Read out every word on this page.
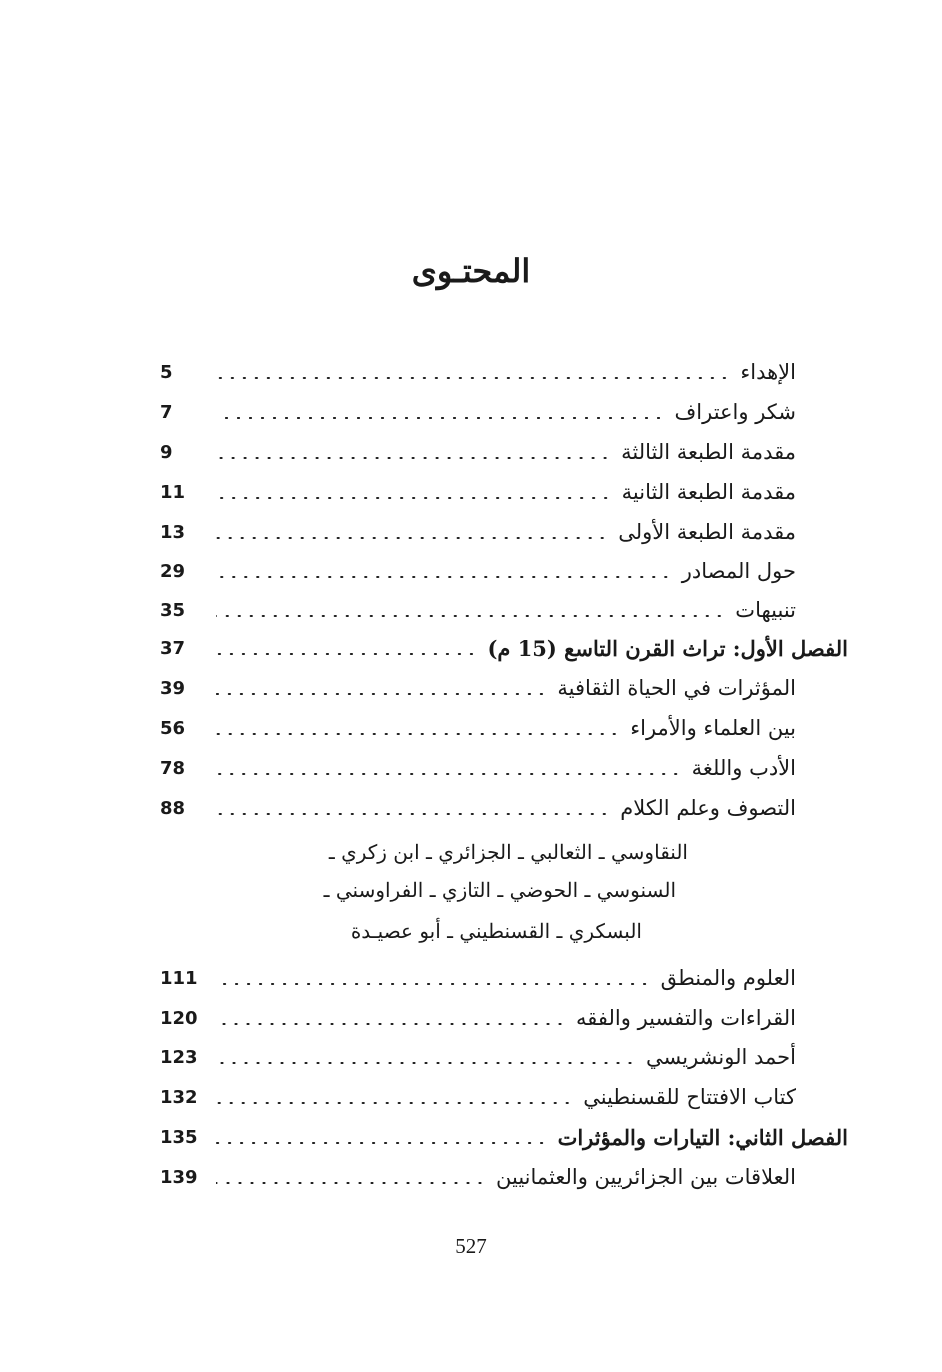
المحتـوى
الإهداء
5
شكر واعتراف
7
مقدمة الطبعة الثالثة
9
مقدمة الطبعة الثانية
11
مقدمة الطبعة الأولى
13
حول المصادر
29
تنبيهات
35
الفصل الأول: تراث القرن التاسع (15 م)
37
المؤثرات في الحياة الثقافية
39
بين العلماء والأمراء
56
الأدب واللغة
78
التصوف وعلم الكلام
88
النقاوسي ـ الثعالبي ـ الجزائري ـ ابن زكري ـ
السنوسي ـ الحوضي ـ التازي ـ الفراوسني ـ
البسكري ـ القسنطيني ـ أبو عصيـدة
العلوم والمنطق
111
القراءات والتفسير والفقه
120
أحمد الونشريسي
123
كتاب الافتتاح للقسنطيني
132
الفصل الثاني: التيارات والمؤثرات
135
العلاقات بين الجزائريين والعثمانيين
139
527
